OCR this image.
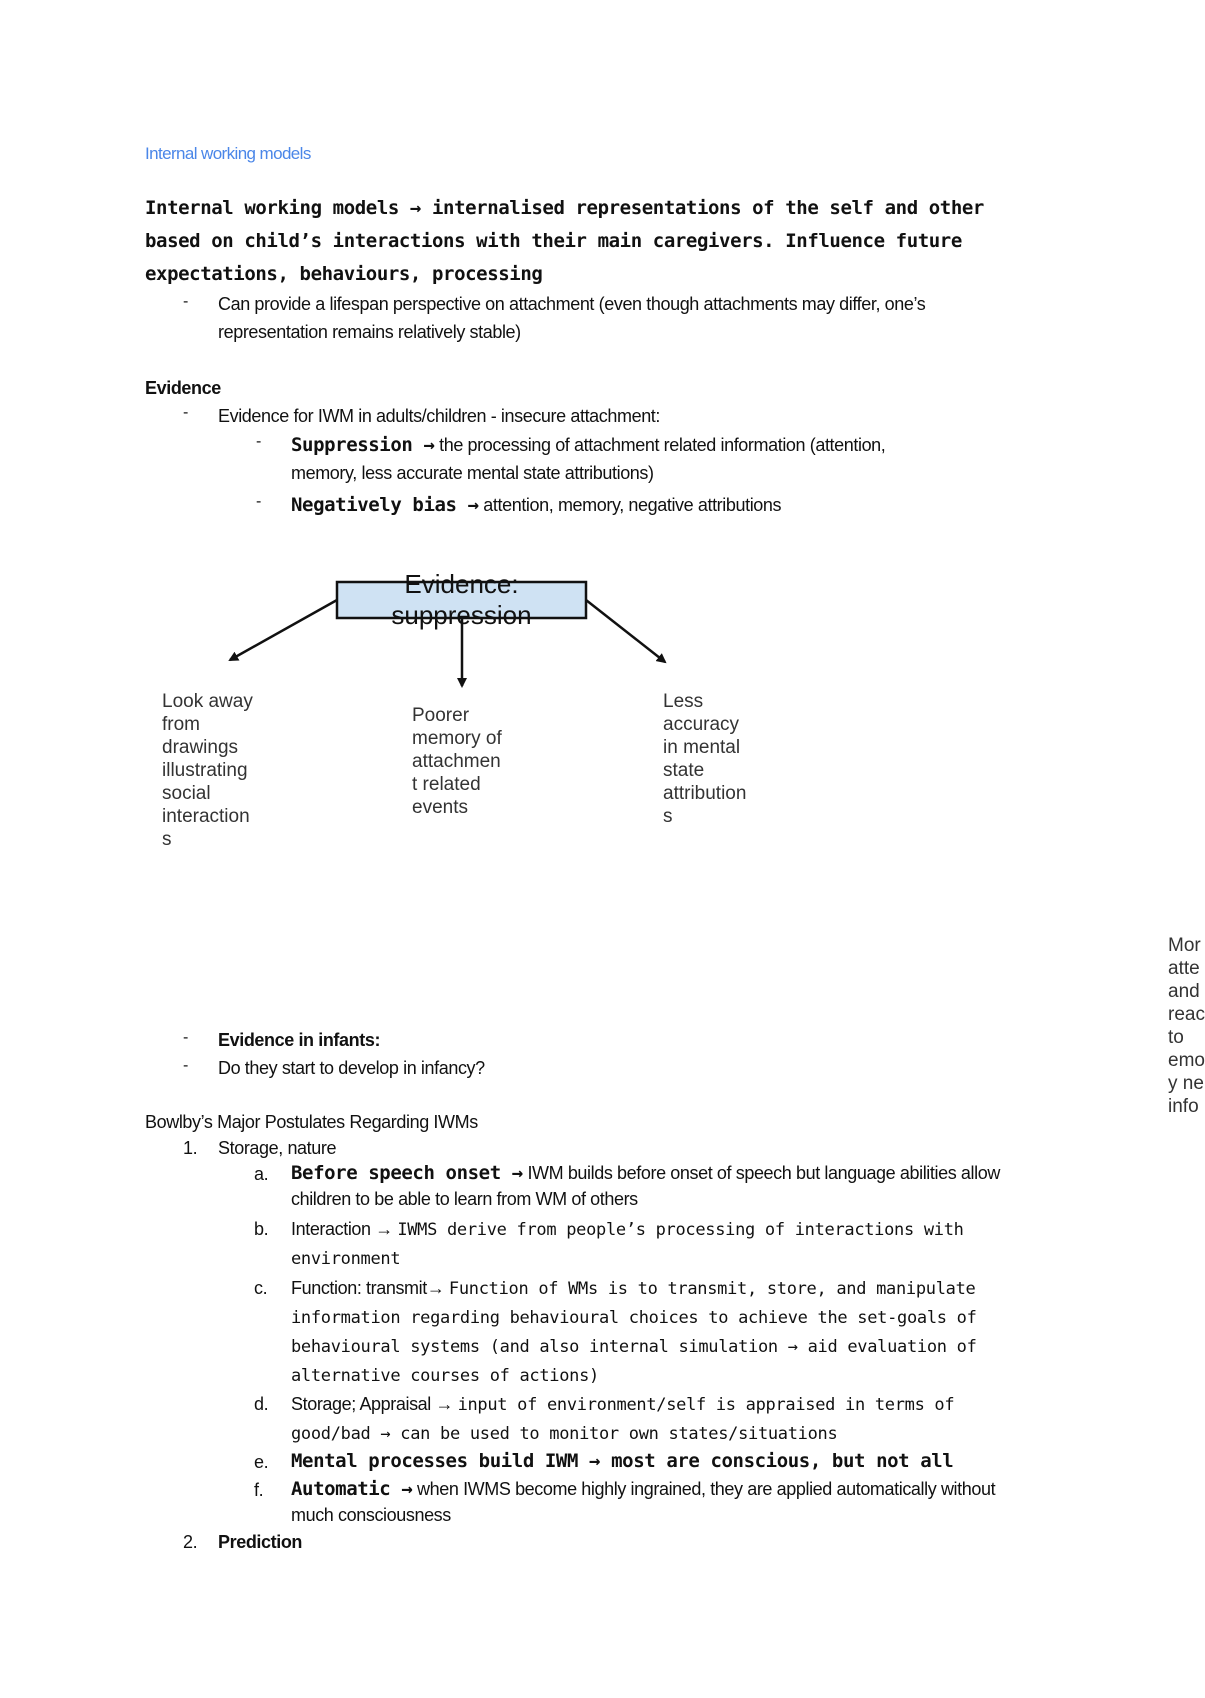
Internal working models
Internal working models → internalised representations of the self and other
based on child’s interactions with their main caregivers. Influence future
expectations, behaviours, processing
- Can provide a lifespan perspective on attachment (even though attachments may differ, one’s
representation remains relatively stable)
Evidence
- Evidence for IWM in adults/children - insecure attachment:
- Suppression → the processing of attachment related information (attention,
memory, less accurate mental state attributions)
- Negatively bias → attention, memory, negative attributions
Evidence:
suppression
Look away
from
drawings
illustrating
social
interaction
s
Poorer
memory of
attachmen
t related
events
Less
accuracy
in mental
state
attribution
s
Mor
atte
and
reac
to
emo
y ne
info
- Evidence in infants:
- Do they start to develop in infancy?
Bowlby’s Major Postulates Regarding IWMs
1. Storage, nature
a. Before speech onset → IWM builds before onset of speech but language abilities allow
children to be able to learn from WM of others
b. Interaction → IWMS derive from people’s processing of interactions with
environment
c. Function: transmit→ Function of WMs is to transmit, store, and manipulate
information regarding behavioural choices to achieve the set-goals of
behavioural systems (and also internal simulation → aid evaluation of
alternative courses of actions)
d. Storage; Appraisal → input of environment/self is appraised in terms of
good/bad → can be used to monitor own states/situations
e. Mental processes build IWM → most are conscious, but not all
f. Automatic → when IWMS become highly ingrained, they are applied automatically without
much consciousness
2. Prediction
